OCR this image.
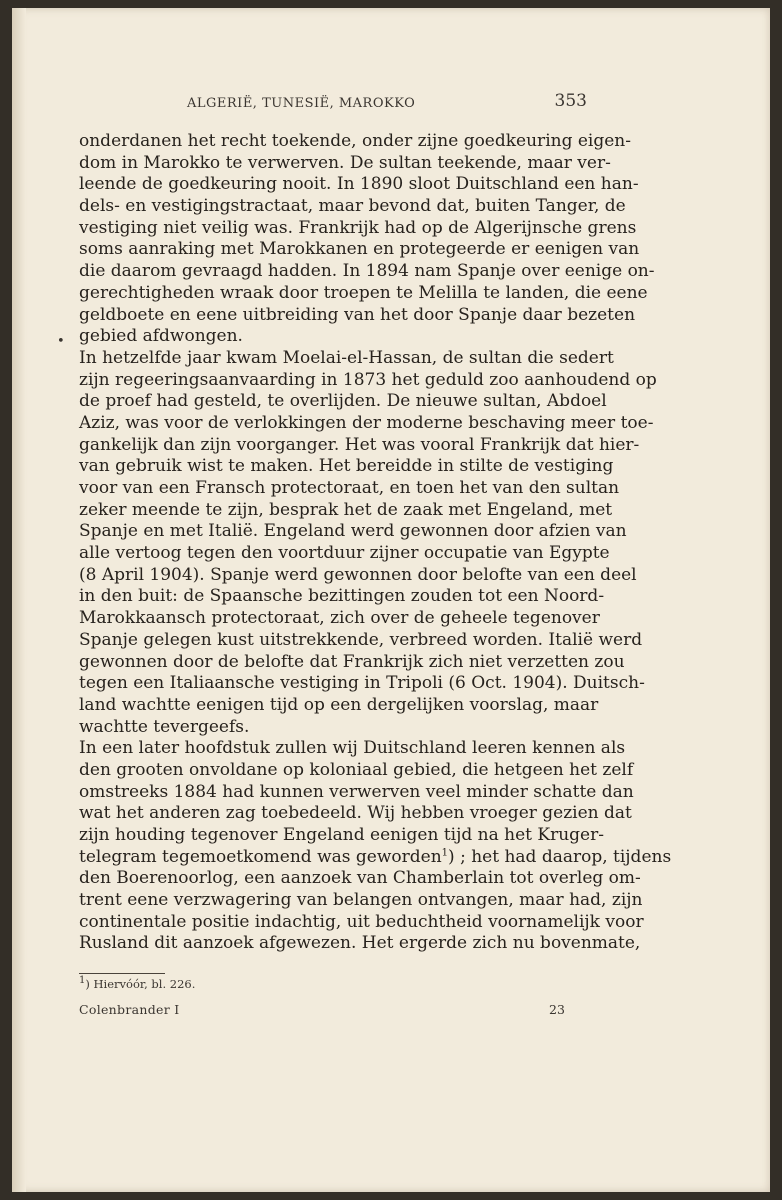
ALGERIË, TUNESIË, MAROKKO	353
•
onderdanen het recht toekende, onder zijne goedkeuring eigen-
dom in Marokko te verwerven. De sultan teekende, maar ver-
leende de goedkeuring nooit. In 1890 sloot Duitschland een han-
dels- en vestigingstractaat, maar bevond dat, buiten Tanger, de
vestiging niet veilig was. Frankrijk had op de Algerijnsche grens
soms aanraking met Marokkanen en protegeerde er eenigen van
die daarom gevraagd hadden. In 1894 nam Spanje over eenige on-
gerechtigheden wraak door troepen te Melilla te landen, die eene
geldboete en eene uitbreiding van het door Spanje daar bezeten
gebied afdwongen.
In hetzelfde jaar kwam Moelai-el-Hassan, de sultan die sedert
zijn regeeringsaanvaarding in 1873 het geduld zoo aanhoudend op
de proef had gesteld, te overlijden. De nieuwe sultan, Abdoel
Aziz, was voor de verlokkingen der moderne beschaving meer toe-
gankelijk dan zijn voorganger. Het was vooral Frankrijk dat hier-
van gebruik wist te maken. Het bereidde in stilte de vestiging
voor van een Fransch protectoraat, en toen het van den sultan
zeker meende te zijn, besprak het de zaak met Engeland, met
Spanje en met Italië. Engeland werd gewonnen door afzien van
alle vertoog tegen den voortduur zijner occupatie van Egypte
(8 April 1904). Spanje werd gewonnen door belofte van een deel
in den buit: de Spaansche bezittingen zouden tot een Noord-
Marokkaansch protectoraat, zich over de geheele tegenover
Spanje gelegen kust uitstrekkende, verbreed worden. Italië werd
gewonnen door de belofte dat Frankrijk zich niet verzetten zou
tegen een Italiaansche vestiging in Tripoli (6 Oct. 1904). Duitsch-
land wachtte eenigen tijd op een dergelijken voorslag, maar
wachtte tevergeefs.
In een later hoofdstuk zullen wij Duitschland leeren kennen als
den grooten onvoldane op koloniaal gebied, die hetgeen het zelf
omstreeks 1884 had kunnen verwerven veel minder schatte dan
wat het anderen zag toebedeeld. Wij hebben vroeger gezien dat
zijn houding tegenover Engeland eenigen tijd na het Kruger-
telegram tegemoetkomend was geworden$^1$) ; het had daarop, tijdens
den Boerenoorlog, een aanzoek van Chamberlain tot overleg om-
trent eene verzwagering van belangen ontvangen, maar had, zijn
continentale positie indachtig, uit beduchtheid voornamelijk voor
Rusland dit aanzoek afgewezen. Het ergerde zich nu bovenmate,
$^1$) Hiervóór, bl. 226.
Colenbrander I	23
